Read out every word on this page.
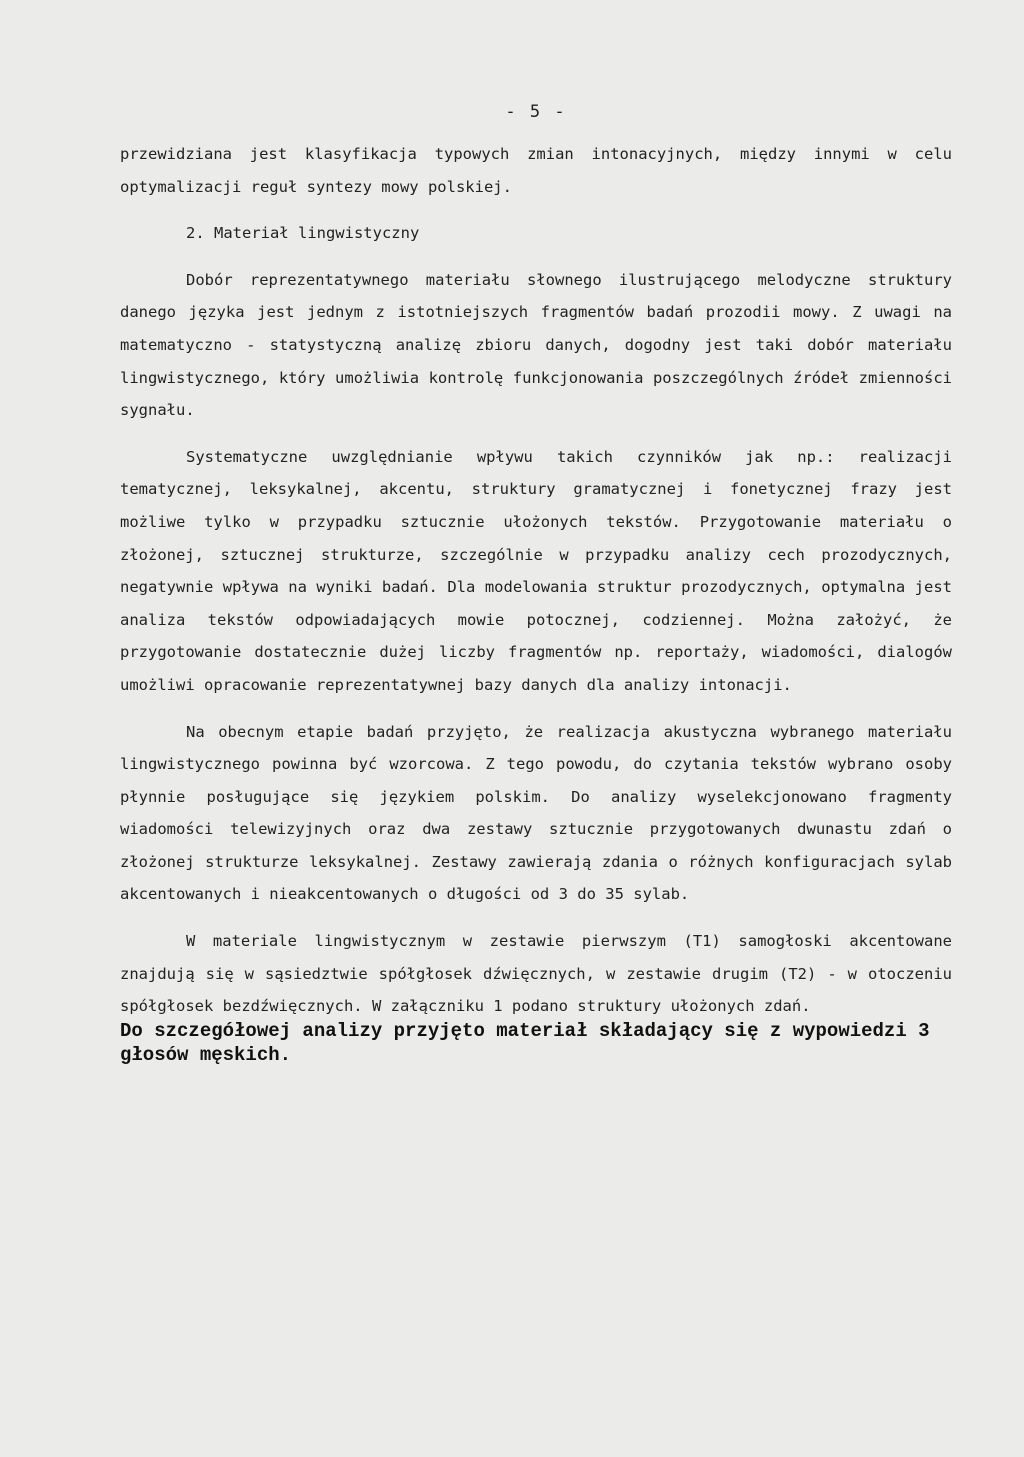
- 5 -

przewidziana jest klasyfikacja typowych zmian intonacyjnych, między innymi w celu optymalizacji reguł syntezy mowy polskiej.

2. Materiał lingwistyczny

Dobór reprezentatywnego materiału słownego ilustrującego melodyczne struktury danego języka jest jednym z istotniejszych fragmentów badań prozodii mowy. Z uwagi na matematyczno - statystyczną analizę zbioru danych, dogodny jest taki dobór materiału lingwistycznego, który umożliwia kontrolę funkcjonowania poszczególnych źródeł zmienności sygnału.

Systematyczne uwzględnianie wpływu takich czynników jak np.: realizacji tematycznej, leksykalnej, akcentu, struktury gramatycznej i fonetycznej frazy jest możliwe tylko w przypadku sztucznie ułożonych tekstów. Przygotowanie materiału o złożonej, sztucznej strukturze, szczególnie w przypadku analizy cech prozodycznych, negatywnie wpływa na wyniki badań. Dla modelowania struktur prozodycznych, optymalna jest analiza tekstów odpowiadających mowie potocznej, codziennej. Można założyć, że przygotowanie dostatecznie dużej liczby fragmentów np. reportaży, wiadomości, dialogów umożliwi opracowanie reprezentatywnej bazy danych dla analizy intonacji.

Na obecnym etapie badań przyjęto, że realizacja akustyczna wybranego materiału lingwistycznego powinna być wzorcowa. Z tego powodu, do czytania tekstów wybrano osoby płynnie posługujące się językiem polskim. Do analizy wyselekcjonowano fragmenty wiadomości telewizyjnych oraz dwa zestawy sztucznie przygotowanych dwunastu zdań o złożonej strukturze leksykalnej. Zestawy zawierają zdania o różnych konfiguracjach sylab akcentowanych i nieakcentowanych o długości od 3 do 35 sylab.

W materiale lingwistycznym w zestawie pierwszym (T1) samogłoski akcentowane znajdują się w sąsiedztwie spółgłosek dźwięcznych, w zestawie drugim (T2) - w otoczeniu spółgłosek bezdźwięcznych. W załączniku 1 podano struktury ułożonych zdań.

Do szczegółowej analizy przyjęto materiał składający się z wypowiedzi 3 głosów męskich.
